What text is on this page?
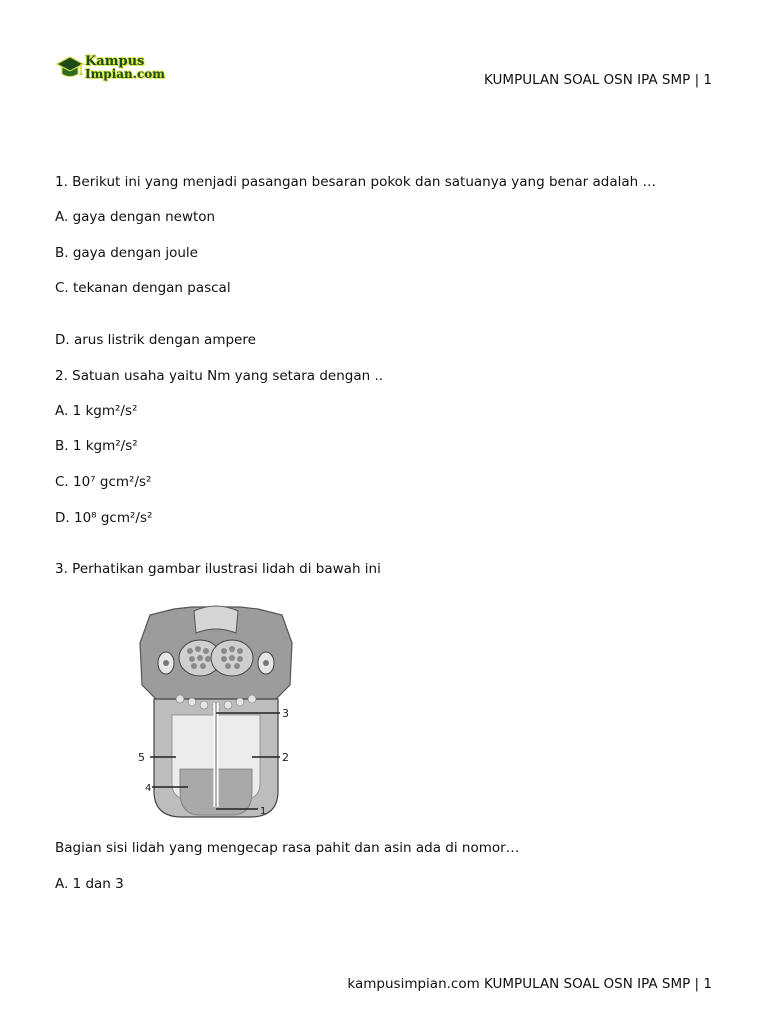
Kampus
Impian.com	KUMPULAN SOAL OSN IPA SMP | 1
1. Berikut ini yang menjadi pasangan besaran pokok dan satuanya yang benar adalah …
A. gaya dengan newton
B. gaya dengan joule
C. tekanan dengan pascal
D. arus listrik dengan ampere
2. Satuan usaha yaitu Nm yang setara dengan ..
A. 1 kgm²/s²
B. 1 kgm²/s²
C. 10⁷ gcm²/s²
D. 10⁸ gcm²/s²
3. Perhatikan gambar ilustrasi lidah di bawah ini
3
2
5
4
1
Bagian sisi lidah yang mengecap rasa pahit dan asin ada di nomor…
A. 1 dan 3
kampusimpian.com KUMPULAN SOAL OSN IPA SMP | 1
